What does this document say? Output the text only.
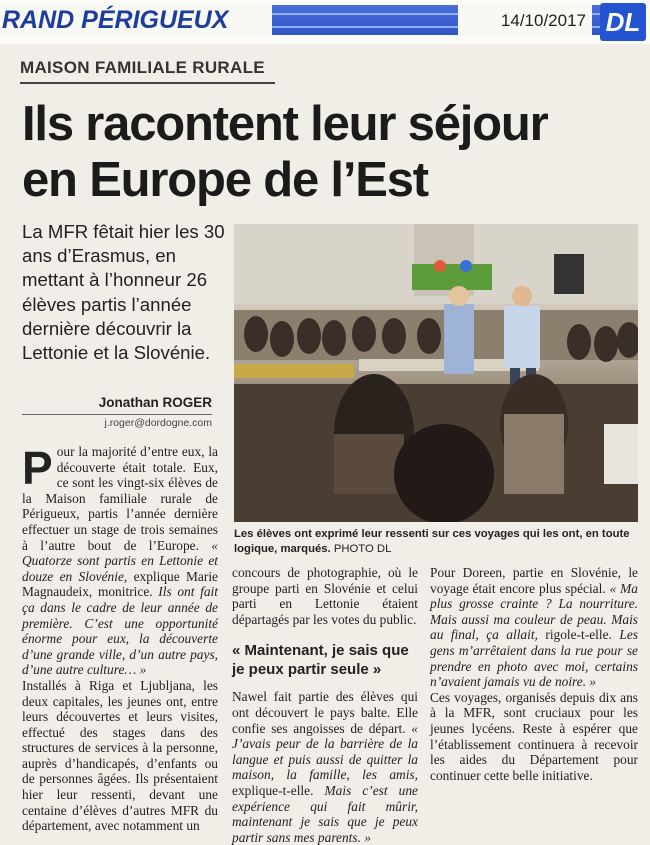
RAND PÉRIGUEUX	14/10/2017 DL
MAISON FAMILIALE RURALE
Ils racontent leur séjour
en Europe de l’Est

La MFR fêtait hier les 30 ans d’Erasmus, en mettant à l’honneur 26 élèves partis l’année dernière découvrir la Lettonie et la Slovénie.

Jonathan ROGER
j.roger@dordogne.com

Les élèves ont exprimé leur ressenti sur ces voyages qui les ont, en toute logique, marqués. PHOTO DL

P our la majorité d’entre eux, la découverte était totale. Eux, ce sont les vingt-six élèves de la Maison familiale rurale de Périgueux, partis l’année dernière effectuer un stage de trois semaines à l’autre bout de l’Europe. « Quatorze sont partis en Lettonie et douze en Slovénie, explique Marie Magnaudeix, monitrice. Ils ont fait ça dans le cadre de leur année de première. C’est une opportunité énorme pour eux, la découverte d’une grande ville, d’un autre pays, d’une autre culture… »

Installés à Riga et Ljubljana, les deux capitales, les jeunes ont, entre leurs découvertes et leurs visites, effectué des stages dans des structures de services à la personne, auprès d’handicapés, d’enfants ou de personnes âgées. Ils présentaient hier leur ressenti, devant une centaine d’élèves d’autres MFR du département, avec notamment un

concours de photographie, où le groupe parti en Slovénie et celui parti en Lettonie étaient départagés par les votes du public.

« Maintenant, je sais que je peux partir seule »

Nawel fait partie des élèves qui ont découvert le pays balte. Elle confie ses angoisses de départ. « J’avais peur de la barrière de la langue et puis aussi de quitter la maison, la famille, les amis, explique-t-elle. Mais c’est une expérience qui fait mûrir, maintenant je sais que je peux partir sans mes parents. »

Pour Doreen, partie en Slovénie, le voyage était encore plus spécial. « Ma plus grosse crainte ? La nourriture. Mais aussi ma couleur de peau. Mais au final, ça allait, rigole-t-elle. Les gens m’arrêtaient dans la rue pour se prendre en photo avec moi, certains n’avaient jamais vu de noire. »

Ces voyages, organisés depuis dix ans à la MFR, sont cruciaux pour les jeunes lycéens. Reste à espérer que l’établissement continuera à recevoir les aides du Département pour continuer cette belle initiative.
